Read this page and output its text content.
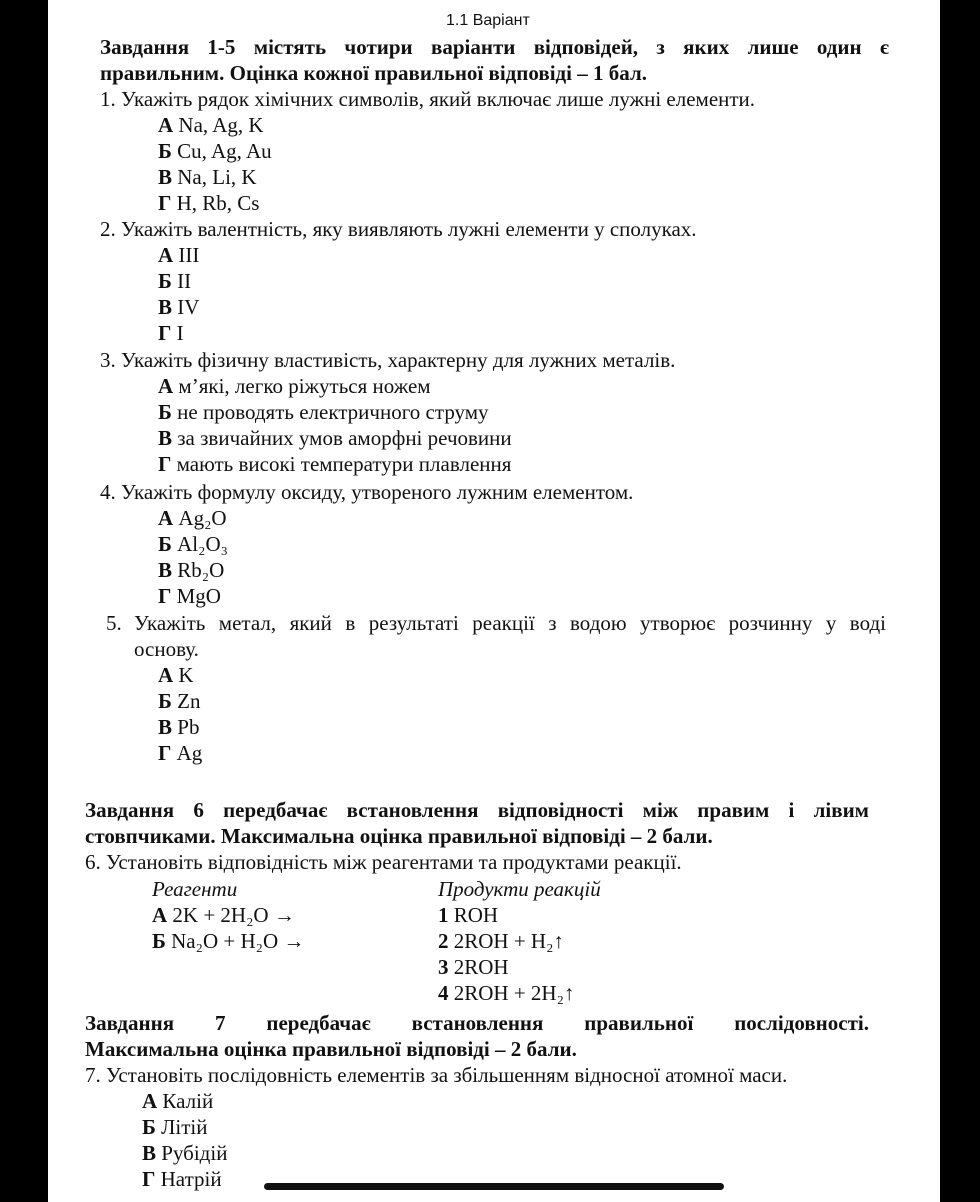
1.1 Варіант
Завдання 1-5 містять чотири варіанти відповідей, з яких лише один є
правильним. Оцінка кожної правильної відповіді – 1 бал.
1. Укажіть рядок хімічних символів, який включає лише лужні елементи.
А Na, Ag, K
Б Cu, Ag, Au
В Na, Li, K
Г H, Rb, Cs
2. Укажіть валентність, яку виявляють лужні елементи у сполуках.
А III
Б II
В IV
Г I
3. Укажіть фізичну властивість, характерну для лужних металів.
А м’які, легко ріжуться ножем
Б не проводять електричного струму
В за звичайних умов аморфні речовини
Г мають високі температури плавлення
4. Укажіть формулу оксиду, утвореного лужним елементом.
А Ag₂O
Б Al₂O₃
В Rb₂O
Г MgO
5. Укажіть метал, який в результаті реакції з водою утворює розчинну у воді
основу.
А K
Б Zn
В Pb
Г Ag
Завдання 6 передбачає встановлення відповідності між правим і лівим
стовпчиками. Максимальна оцінка правильної відповіді – 2 бали.
6. Установіть відповідність між реагентами та продуктами реакції.
Реагенти	Продукти реакцій
А 2K + 2H₂O →
Б Na₂O + H₂O →
1 ROH
2 2ROH + H₂↑
3 2ROH
4 2ROH + 2H₂↑
Завдання 7 передбачає встановлення правильної послідовності.
Максимальна оцінка правильної відповіді – 2 бали.
7. Установіть послідовність елементів за збільшенням відносної атомної маси.
А Калій
Б Літій
В Рубідій
Г Натрій
